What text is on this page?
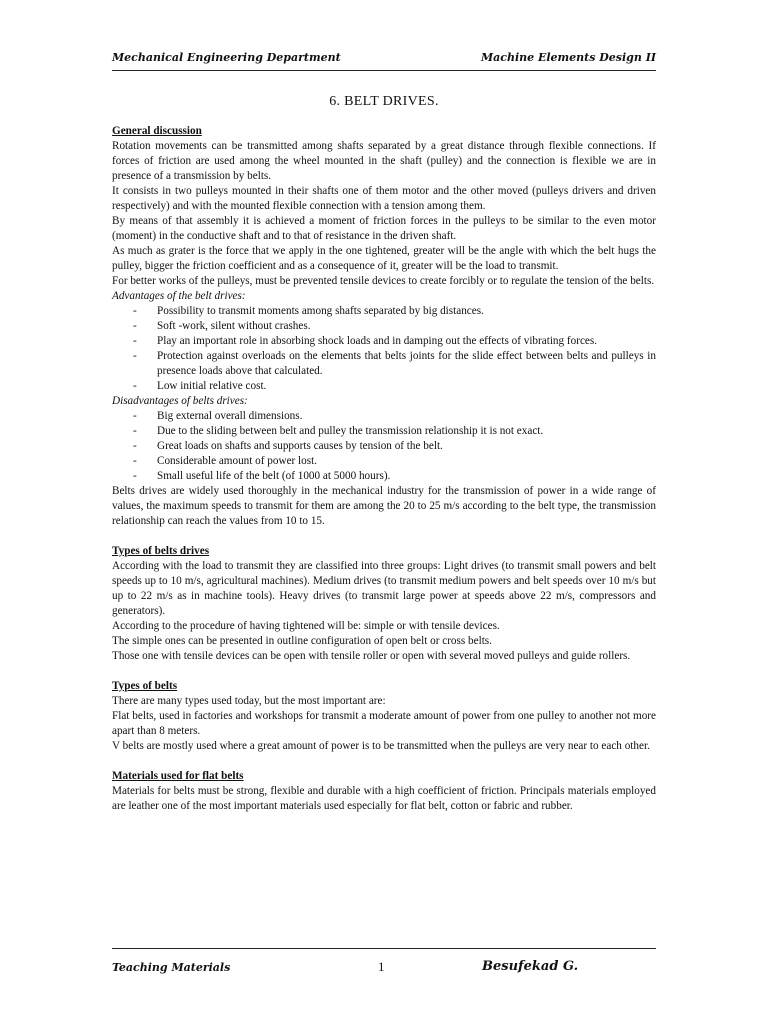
Mechanical Engineering Department	Machine Elements Design II
6. BELT DRIVES.
General discussion

Rotation movements can be transmitted among shafts separated by a great distance through flexible connections. If forces of friction are used among the wheel mounted in the shaft (pulley) and the connection is flexible we are in presence of a transmission by belts.

It consists in two pulleys mounted in their shafts one of them motor and the other moved (pulleys drivers and driven respectively) and with the mounted flexible connection with a tension among them.

By means of that assembly it is achieved a moment of friction forces in the pulleys to be similar to the even motor (moment) in the conductive shaft and to that of resistance in the driven shaft.

As much as grater is the force that we apply in the one tightened, greater will be the angle with which the belt hugs the pulley, bigger the friction coefficient and as a consequence of it, greater will be the load to transmit.

For better works of the pulleys, must be prevented tensile devices to create forcibly or to regulate the tension of the belts.

Advantages of the belt drives:

- Possibility to transmit moments among shafts separated by big distances.
- Soft -work, silent without crashes.
- Play an important role in absorbing shock loads and in damping out the effects of vibrating forces.
- Protection against overloads on the elements that belts joints for the slide effect between belts and pulleys in presence loads above that calculated.
- Low initial relative cost.

Disadvantages of belts drives:

- Big external overall dimensions.
- Due to the sliding between belt and pulley the transmission relationship it is not exact.
- Great loads on shafts and supports causes by tension of the belt.
- Considerable amount of power lost.
- Small useful life of the belt (of 1000 at 5000 hours).

Belts drives are widely used thoroughly in the mechanical industry for the transmission of power in a wide range of values, the maximum speeds to transmit for them are among the 20 to 25 m/s according to the belt type, the transmission relationship can reach the values from 10 to 15.

Types of belts drives

According with the load to transmit they are classified into three groups: Light drives (to transmit small powers and belt speeds up to 10 m/s, agricultural machines). Medium drives (to transmit medium powers and belt speeds over 10 m/s but up to 22 m/s as in machine tools). Heavy drives (to transmit large power at speeds above 22 m/s, compressors and generators).

According to the procedure of having tightened will be: simple or with tensile devices.

The simple ones can be presented in outline configuration of open belt or cross belts.

Those one with tensile devices can be open with tensile roller or open with several moved pulleys and guide rollers.

Types of belts

There are many types used today, but the most important are:

Flat belts, used in factories and workshops for transmit a moderate amount of power from one pulley to another not more apart than 8 meters.

V belts are mostly used where a great amount of power is to be transmitted when the pulleys are very near to each other.

Materials used for flat belts

Materials for belts must be strong, flexible and durable with a high coefficient of friction. Principals materials employed are leather one of the most important materials used especially for flat belt, cotton or fabric and rubber.

Teaching Materials	1	Besufekad G.
